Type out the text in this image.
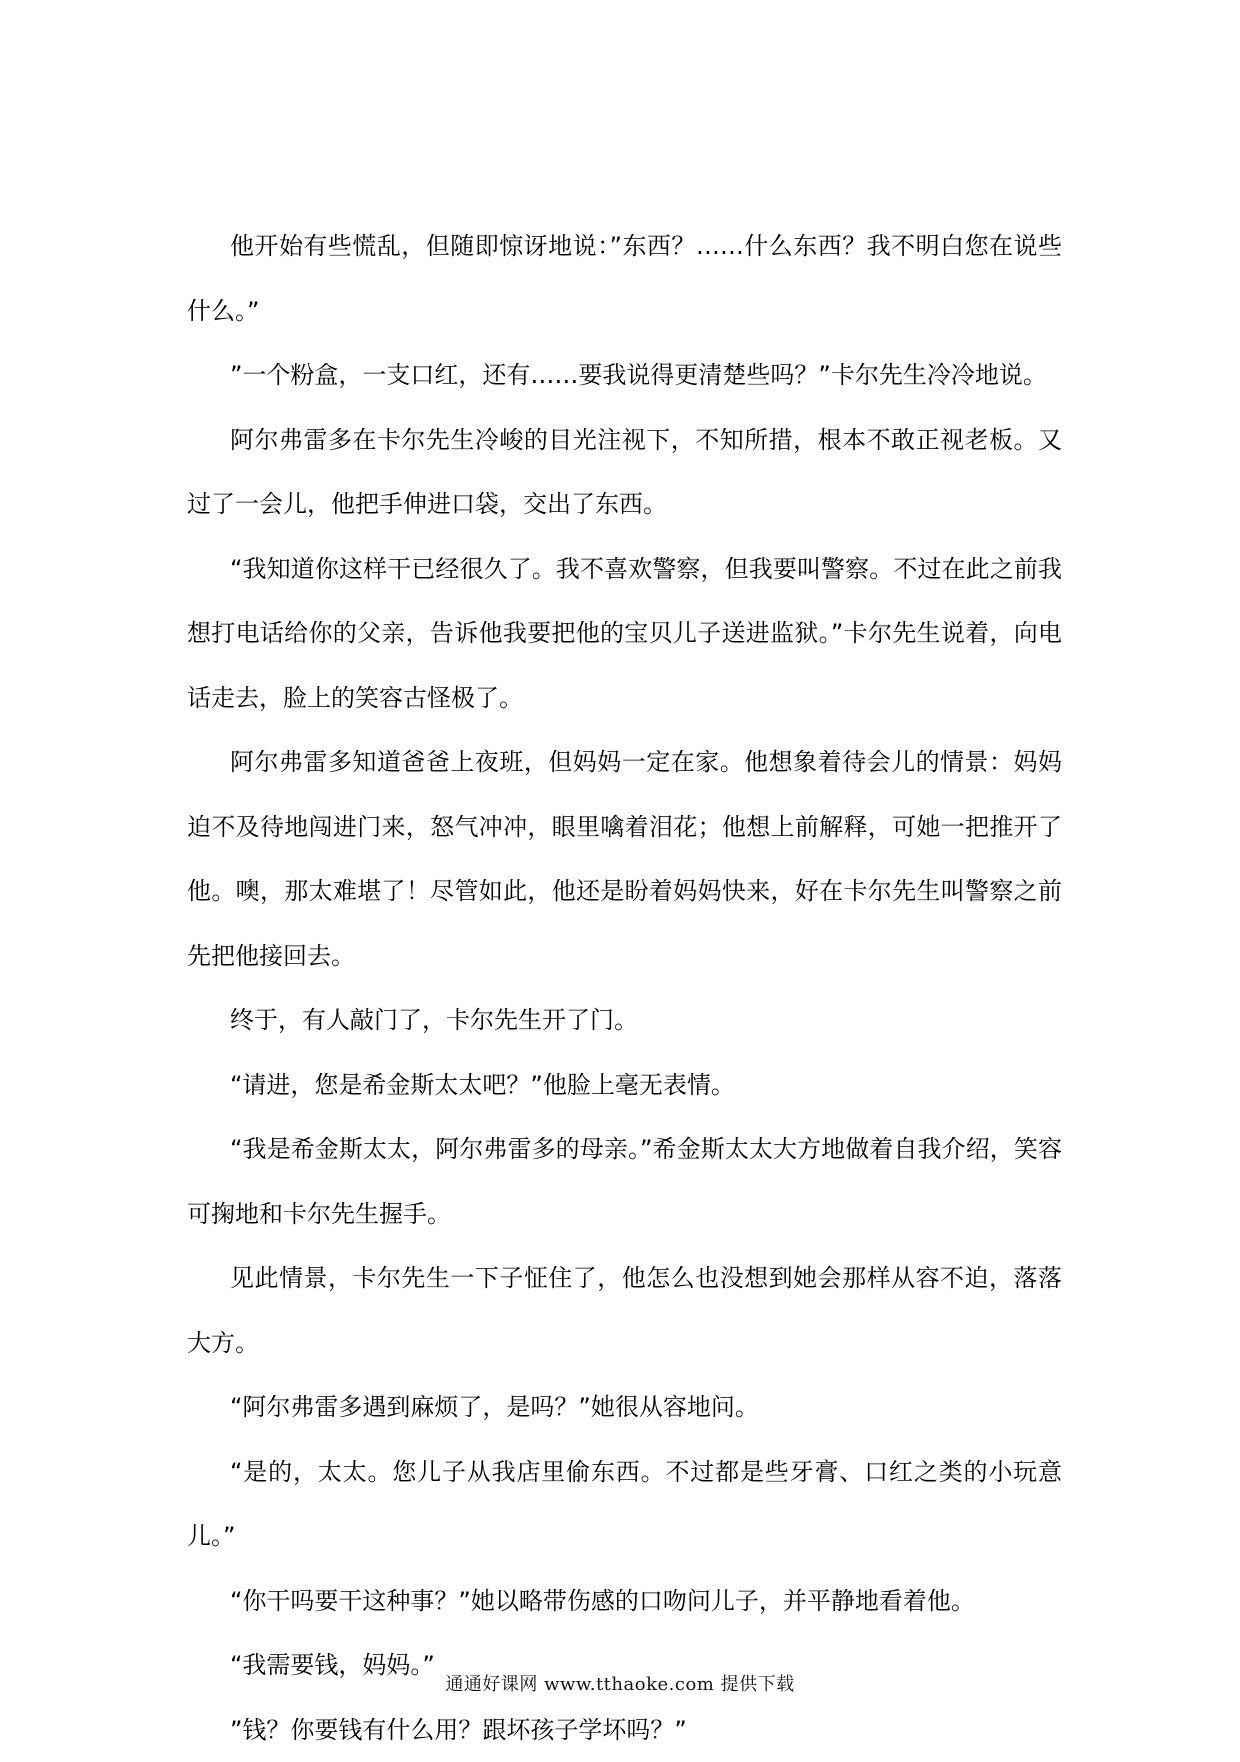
他开始有些慌乱，但随即惊讶地说：”东西？……什么东西？我不明白您在说些什么。”

”一个粉盒，一支口红，还有……要我说得更清楚些吗？”卡尔先生冷冷地说。

阿尔弗雷多在卡尔先生冷峻的目光注视下，不知所措，根本不敢正视老板。又过了一会儿，他把手伸进口袋，交出了东西。

“我知道你这样干已经很久了。我不喜欢警察，但我要叫警察。不过在此之前我想打电话给你的父亲，告诉他我要把他的宝贝儿子送进监狱。”卡尔先生说着，向电话走去，脸上的笑容古怪极了。

阿尔弗雷多知道爸爸上夜班，但妈妈一定在家。他想象着待会儿的情景：妈妈迫不及待地闯进门来，怒气冲冲，眼里噙着泪花；他想上前解释，可她一把推开了他。噢，那太难堪了！尽管如此，他还是盼着妈妈快来，好在卡尔先生叫警察之前先把他接回去。

终于，有人敲门了，卡尔先生开了门。

“请进，您是希金斯太太吧？”他脸上毫无表情。

“我是希金斯太太，阿尔弗雷多的母亲。”希金斯太太大方地做着自我介绍，笑容可掬地和卡尔先生握手。

见此情景，卡尔先生一下子怔住了，他怎么也没想到她会那样从容不迫，落落大方。

“阿尔弗雷多遇到麻烦了，是吗？”她很从容地问。

“是的，太太。您儿子从我店里偷东西。不过都是些牙膏、口红之类的小玩意儿。”

“你干吗要干这种事？”她以略带伤感的口吻问儿子，并平静地看着他。

“我需要钱，妈妈。”

”钱？你要钱有什么用？跟坏孩子学坏吗？”

通通好课网 www.tthaoke.com 提供下载
